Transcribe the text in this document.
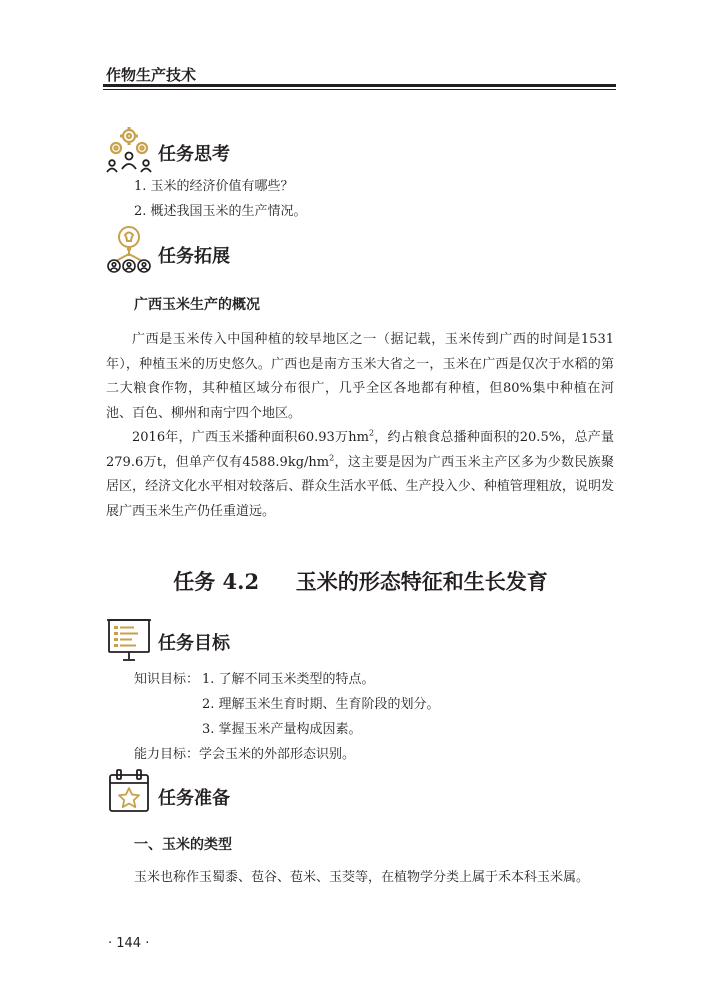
作物生产技术
任务思考
1. 玉米的经济价值有哪些？
2. 概述我国玉米的生产情况。
任务拓展
广西玉米生产的概况
广西是玉米传入中国种植的较早地区之一（据记载，玉米传到广西的时间是1531年），种植玉米的历史悠久。广西也是南方玉米大省之一，玉米在广西是仅次于水稻的第二大粮食作物，其种植区域分布很广，几乎全区各地都有种植，但80%集中种植在河池、百色、柳州和南宁四个地区。
2016年，广西玉米播种面积60.93万$hm^2$，约占粮食总播种面积的20.5%，总产量279.6万t，但单产仅有$4588.9kg/hm^2$，这主要是因为广西玉米主产区多为少数民族聚居区，经济文化水平相对较落后、群众生活水平低、生产投入少、种植管理粗放，说明发展广西玉米生产仍任重道远。
任务 4.2 玉米的形态特征和生长发育
任务目标
知识目标： 1. 了解不同玉米类型的特点。
2. 理解玉米生育时期、生育阶段的划分。
3. 掌握玉米产量构成因素。
能力目标：学会玉米的外部形态识别。
任务准备
一、玉米的类型
玉米也称作玉蜀黍、苞谷、苞米、玉茭等，在植物学分类上属于禾本科玉米属。
· 144 ·
